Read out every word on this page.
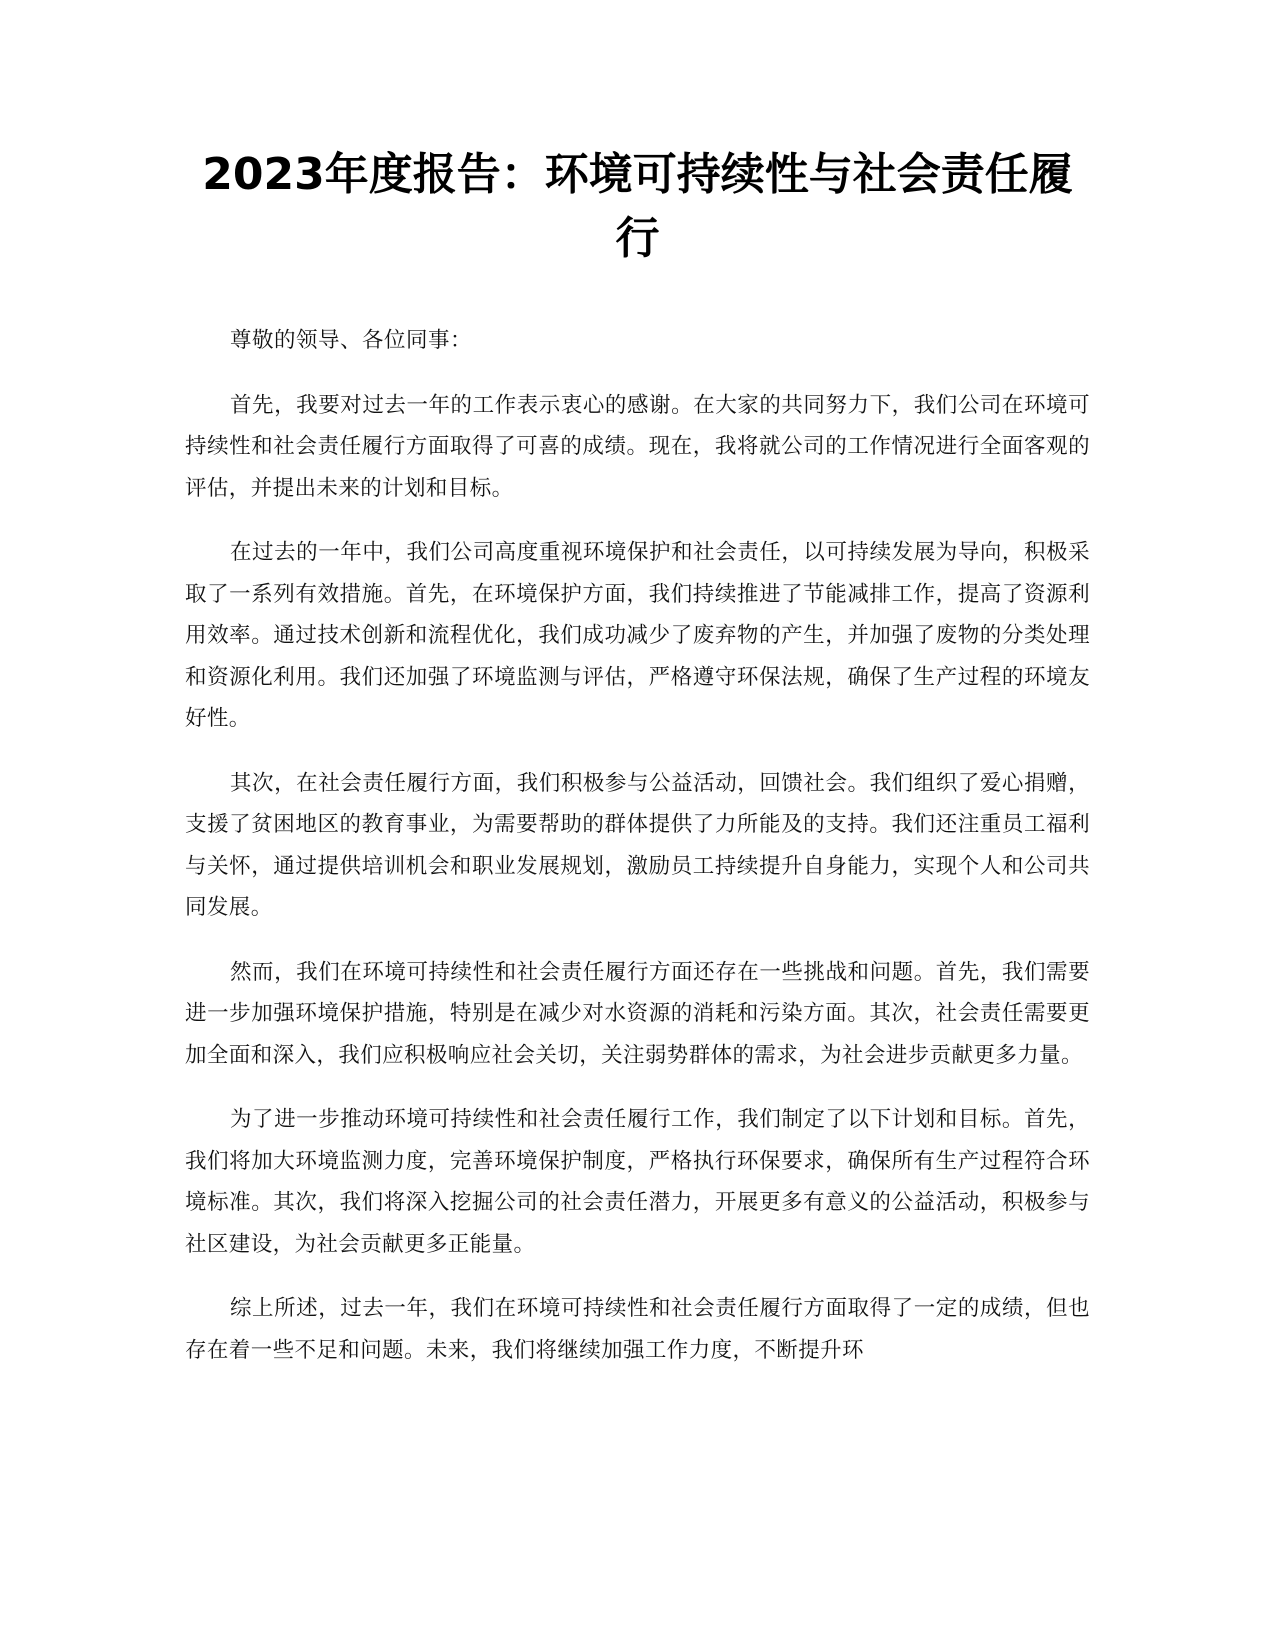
2023年度报告：环境可持续性与社会责任履行

尊敬的领导、各位同事：

首先，我要对过去一年的工作表示衷心的感谢。在大家的共同努力下，我们公司在环境可持续性和社会责任履行方面取得了可喜的成绩。现在，我将就公司的工作情况进行全面客观的评估，并提出未来的计划和目标。

在过去的一年中，我们公司高度重视环境保护和社会责任，以可持续发展为导向，积极采取了一系列有效措施。首先，在环境保护方面，我们持续推进了节能减排工作，提高了资源利用效率。通过技术创新和流程优化，我们成功减少了废弃物的产生，并加强了废物的分类处理和资源化利用。我们还加强了环境监测与评估，严格遵守环保法规，确保了生产过程的环境友好性。

其次，在社会责任履行方面，我们积极参与公益活动，回馈社会。我们组织了爱心捐赠，支援了贫困地区的教育事业，为需要帮助的群体提供了力所能及的支持。我们还注重员工福利与关怀，通过提供培训机会和职业发展规划，激励员工持续提升自身能力，实现个人和公司共同发展。

然而，我们在环境可持续性和社会责任履行方面还存在一些挑战和问题。首先，我们需要进一步加强环境保护措施，特别是在减少对水资源的消耗和污染方面。其次，社会责任需要更加全面和深入，我们应积极响应社会关切，关注弱势群体的需求，为社会进步贡献更多力量。

为了进一步推动环境可持续性和社会责任履行工作，我们制定了以下计划和目标。首先，我们将加大环境监测力度，完善环境保护制度，严格执行环保要求，确保所有生产过程符合环境标准。其次，我们将深入挖掘公司的社会责任潜力，开展更多有意义的公益活动，积极参与社区建设，为社会贡献更多正能量。

综上所述，过去一年，我们在环境可持续性和社会责任履行方面取得了一定的成绩，但也存在着一些不足和问题。未来，我们将继续加强工作力度，不断提升环
